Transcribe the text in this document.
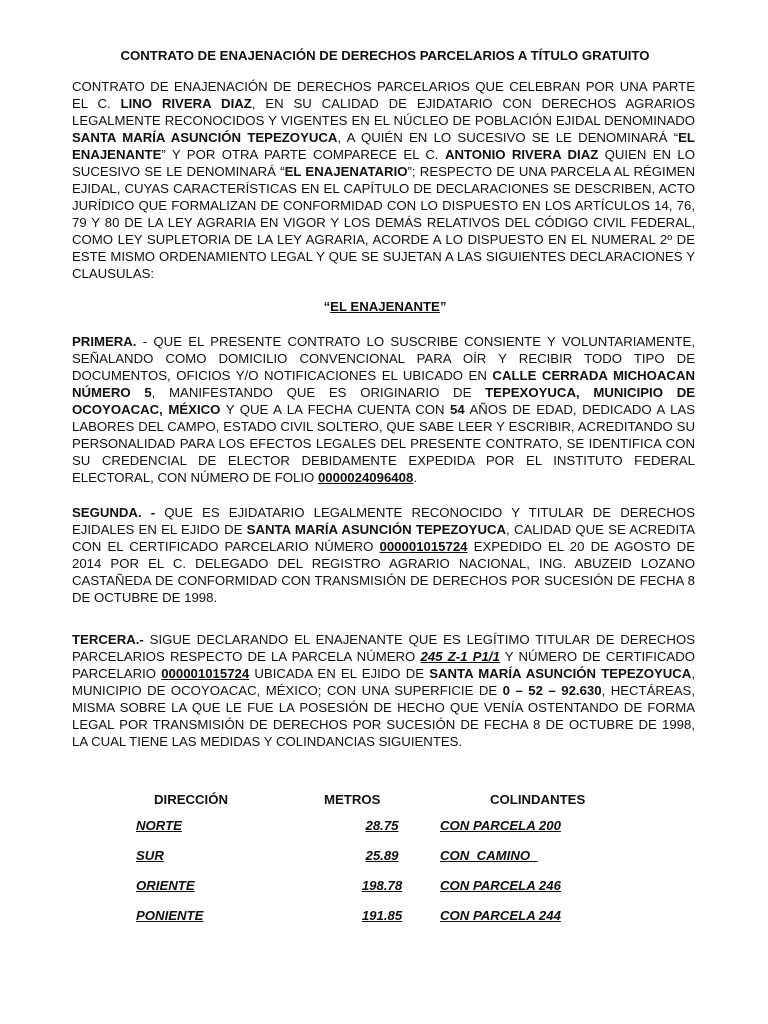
CONTRATO DE ENAJENACIÓN DE DERECHOS PARCELARIOS A TÍTULO GRATUITO

CONTRATO DE ENAJENACIÓN DE DERECHOS PARCELARIOS QUE CELEBRAN POR UNA PARTE EL C. LINO RIVERA DIAZ, EN SU CALIDAD DE EJIDATARIO CON DERECHOS AGRARIOS LEGALMENTE RECONOCIDOS Y VIGENTES EN EL NÚCLEO DE POBLACIÓN EJIDAL DENOMINADO SANTA MARÍA ASUNCIÓN TEPEZOYUCA, A QUIÉN EN LO SUCESIVO SE LE DENOMINARÁ “EL ENAJENANTE” Y POR OTRA PARTE COMPARECE EL C. ANTONIO RIVERA DIAZ QUIEN EN LO SUCESIVO SE LE DENOMINARÁ “EL ENAJENATARIO”; RESPECTO DE UNA PARCELA AL RÉGIMEN EJIDAL, CUYAS CARACTERÍSTICAS EN EL CAPÍTULO DE DECLARACIONES SE DESCRIBEN, ACTO JURÍDICO QUE FORMALIZAN DE CONFORMIDAD CON LO DISPUESTO EN LOS ARTÍCULOS 14, 76, 79 Y 80 DE LA LEY AGRARIA EN VIGOR Y LOS DEMÁS RELATIVOS DEL CÓDIGO CIVIL FEDERAL, COMO LEY SUPLETORIA DE LA LEY AGRARIA, ACORDE A LO DISPUESTO EN EL NUMERAL 2º DE ESTE MISMO ORDENAMIENTO LEGAL Y QUE SE SUJETAN A LAS SIGUIENTES DECLARACIONES Y CLAUSULAS:

“EL ENAJENANTE”

PRIMERA. - QUE EL PRESENTE CONTRATO LO SUSCRIBE CONSIENTE Y VOLUNTARIAMENTE, SEÑALANDO COMO DOMICILIO CONVENCIONAL PARA OÍR Y RECIBIR TODO TIPO DE DOCUMENTOS, OFICIOS Y/O NOTIFICACIONES EL UBICADO EN CALLE CERRADA MICHOACAN NÚMERO 5, MANIFESTANDO QUE ES ORIGINARIO DE TEPEXOYUCA, MUNICIPIO DE OCOYOACAC, MÉXICO Y QUE A LA FECHA CUENTA CON 54 AÑOS DE EDAD, DEDICADO A LAS LABORES DEL CAMPO, ESTADO CIVIL SOLTERO, QUE SABE LEER Y ESCRIBIR, ACREDITANDO SU PERSONALIDAD PARA LOS EFECTOS LEGALES DEL PRESENTE CONTRATO, SE IDENTIFICA CON SU CREDENCIAL DE ELECTOR DEBIDAMENTE EXPEDIDA POR EL INSTITUTO FEDERAL ELECTORAL, CON NÚMERO DE FOLIO 0000024096408.

SEGUNDA. - QUE ES EJIDATARIO LEGALMENTE RECONOCIDO Y TITULAR DE DERECHOS EJIDALES EN EL EJIDO DE SANTA MARÍA ASUNCIÓN TEPEZOYUCA, CALIDAD QUE SE ACREDITA CON EL CERTIFICADO PARCELARIO NÚMERO 000001015724 EXPEDIDO EL 20 DE AGOSTO DE 2014 POR EL C. DELEGADO DEL REGISTRO AGRARIO NACIONAL, ING. ABUZEID LOZANO CASTAÑEDA DE CONFORMIDAD CON TRANSMISIÓN DE DERECHOS POR SUCESIÓN DE FECHA 8 DE OCTUBRE DE 1998.

TERCERA.- SIGUE DECLARANDO EL ENAJENANTE QUE ES LEGÍTIMO TITULAR DE DERECHOS PARCELARIOS RESPECTO DE LA PARCELA NÚMERO 245 Z-1 P1/1 Y NÚMERO DE CERTIFICADO PARCELARIO 000001015724 UBICADA EN EL EJIDO DE SANTA MARÍA ASUNCIÓN TEPEZOYUCA, MUNICIPIO DE OCOYOACAC, MÉXICO; CON UNA SUPERFICIE DE 0 – 52 – 92.630, HECTÁREAS, MISMA SOBRE LA QUE LE FUE LA POSESIÓN DE HECHO QUE VENÍA OSTENTANDO DE FORMA LEGAL POR TRANSMISIÓN DE DERECHOS POR SUCESIÓN DE FECHA 8 DE OCTUBRE DE 1998, LA CUAL TIENE LAS MEDIDAS Y COLINDANCIAS SIGUIENTES.

DIRECCIÓN	METROS	COLINDANTES
NORTE	28.75	CON PARCELA 200
SUR	25.89	CON  CAMINO
ORIENTE	198.78	CON PARCELA 246
PONIENTE	191.85	CON PARCELA 244
